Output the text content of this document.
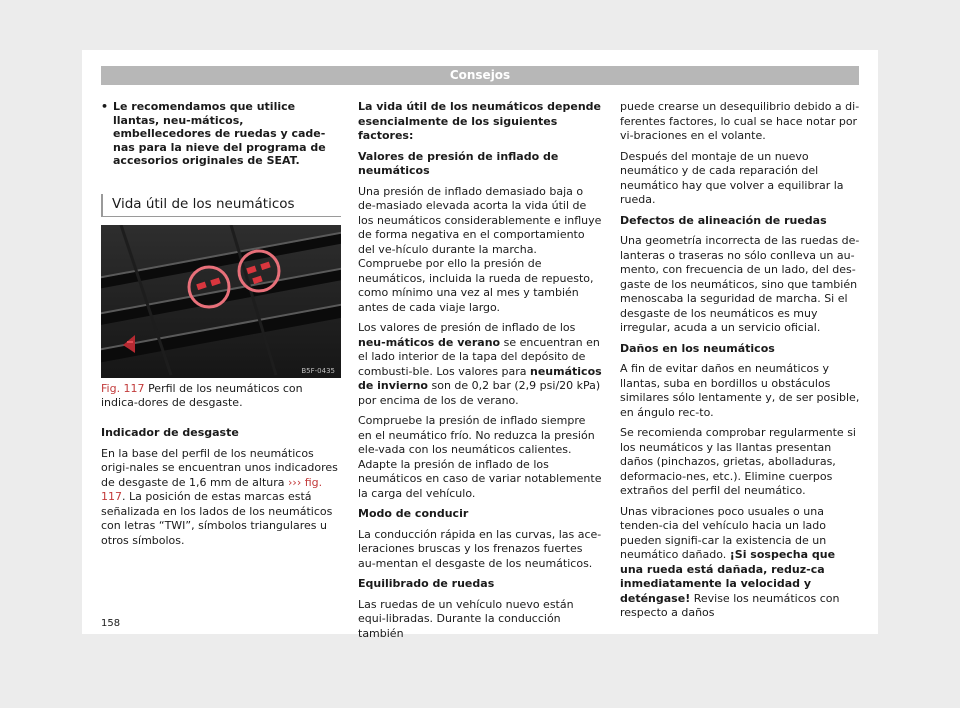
Consejos
• Le recomendamos que utilice llantas, neu-máticos, embellecedores de ruedas y cade-nas para la nieve del programa de accesorios originales de SEAT.
Vida útil de los neumáticos
B5F-0435
Fig. 117 Perfil de los neumáticos con indica-dores de desgaste.

Indicador de desgaste

En la base del perfil de los neumáticos origi-nales se encuentran unos indicadores de desgaste de 1,6 mm de altura ››› fig. 117. La posición de estas marcas está señalizada en los lados de los neumáticos con letras “TWI”, símbolos triangulares u otros símbolos.

La vida útil de los neumáticos depende esencialmente de los siguientes factores:

Valores de presión de inflado de neumáticos

Una presión de inflado demasiado baja o de-masiado elevada acorta la vida útil de los neumáticos considerablemente e influye de forma negativa en el comportamiento del ve-hículo durante la marcha. Compruebe por ello la presión de neumáticos, incluida la rueda de repuesto, como mínimo una vez al mes y también antes de cada viaje largo.

Los valores de presión de inflado de los neu-máticos de verano se encuentran en el lado interior de la tapa del depósito de combusti-ble. Los valores para neumáticos de invierno son de 0,2 bar (2,9 psi/20 kPa) por encima de los de verano.

Compruebe la presión de inflado siempre en el neumático frío. No reduzca la presión ele-vada con los neumáticos calientes. Adapte la presión de inflado de los neumáticos en caso de variar notablemente la carga del vehículo.

Modo de conducir

La conducción rápida en las curvas, las ace-leraciones bruscas y los frenazos fuertes au-mentan el desgaste de los neumáticos.

Equilibrado de ruedas

Las ruedas de un vehículo nuevo están equi-libradas. Durante la conducción también

puede crearse un desequilibrio debido a di-ferentes factores, lo cual se hace notar por vi-braciones en el volante.

Después del montaje de un nuevo neumático y de cada reparación del neumático hay que volver a equilibrar la rueda.

Defectos de alineación de ruedas

Una geometría incorrecta de las ruedas de-lanteras o traseras no sólo conlleva un au-mento, con frecuencia de un lado, del des-gaste de los neumáticos, sino que también menoscaba la seguridad de marcha. Si el desgaste de los neumáticos es muy irregular, acuda a un servicio oficial.

Daños en los neumáticos

A fin de evitar daños en neumáticos y llantas, suba en bordillos u obstáculos similares sólo lentamente y, de ser posible, en ángulo rec-to.

Se recomienda comprobar regularmente si los neumáticos y las llantas presentan daños (pinchazos, grietas, abolladuras, deformacio-nes, etc.). Elimine cuerpos extraños del perfil del neumático.

Unas vibraciones poco usuales o una tenden-cia del vehículo hacia un lado pueden signifi-car la existencia de un neumático dañado. ¡Si sospecha que una rueda está dañada, reduz-ca inmediatamente la velocidad y deténgase! Revise los neumáticos con respecto a daños

158
